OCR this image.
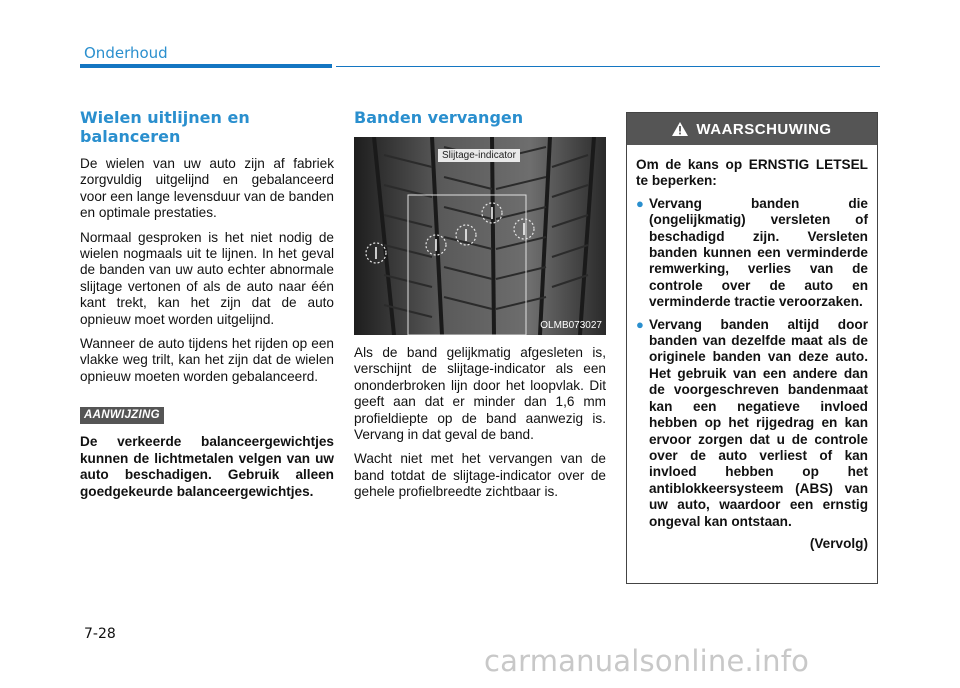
Onderhoud
Wielen uitlijnen en balanceren

De wielen van uw auto zijn af fabriek zorgvuldig uitgelijnd en gebalanceerd voor een lange levensduur van de banden en optimale prestaties.

Normaal gesproken is het niet nodig de wielen nogmaals uit te lijnen. In het geval de banden van uw auto echter abnormale slijtage vertonen of als de auto naar één kant trekt, kan het zijn dat de auto opnieuw moet worden uitgelijnd.

Wanneer de auto tijdens het rijden op een vlakke weg trilt, kan het zijn dat de wielen opnieuw moeten worden gebalanceerd.

AANWIJZING

De verkeerde balanceergewichtjes kunnen de lichtmetalen velgen van uw auto beschadigen. Gebruik alleen goedgekeurde balanceergewichtjes.

Banden vervangen
Slijtage-indicator
OLMB073027

Als de band gelijkmatig afgesleten is, verschijnt de slijtage-indicator als een ononderbroken lijn door het loopvlak. Dit geeft aan dat er minder dan 1,6 mm profieldiepte op de band aanwezig is. Vervang in dat geval de band.

Wacht niet met het vervangen van de band totdat de slijtage-indicator over de gehele profielbreedte zichtbaar is.

WAARSCHUWING

Om de kans op ERNSTIG LETSEL te beperken:

● Vervang banden die (ongelijkmatig) versleten of beschadigd zijn. Versleten banden kunnen een verminderde remwerking, verlies van de controle over de auto en verminderde tractie veroorzaken.
● Vervang banden altijd door banden van dezelfde maat als de originele banden van deze auto. Het gebruik van een andere dan de voorgeschreven bandenmaat kan een negatieve invloed hebben op het rijgedrag en kan ervoor zorgen dat u de controle over de auto verliest of kan invloed hebben op het antiblokkeersysteem (ABS) van uw auto, waardoor een ernstig ongeval kan ontstaan.
(Vervolg)
7-28
carmanualsonline.info
